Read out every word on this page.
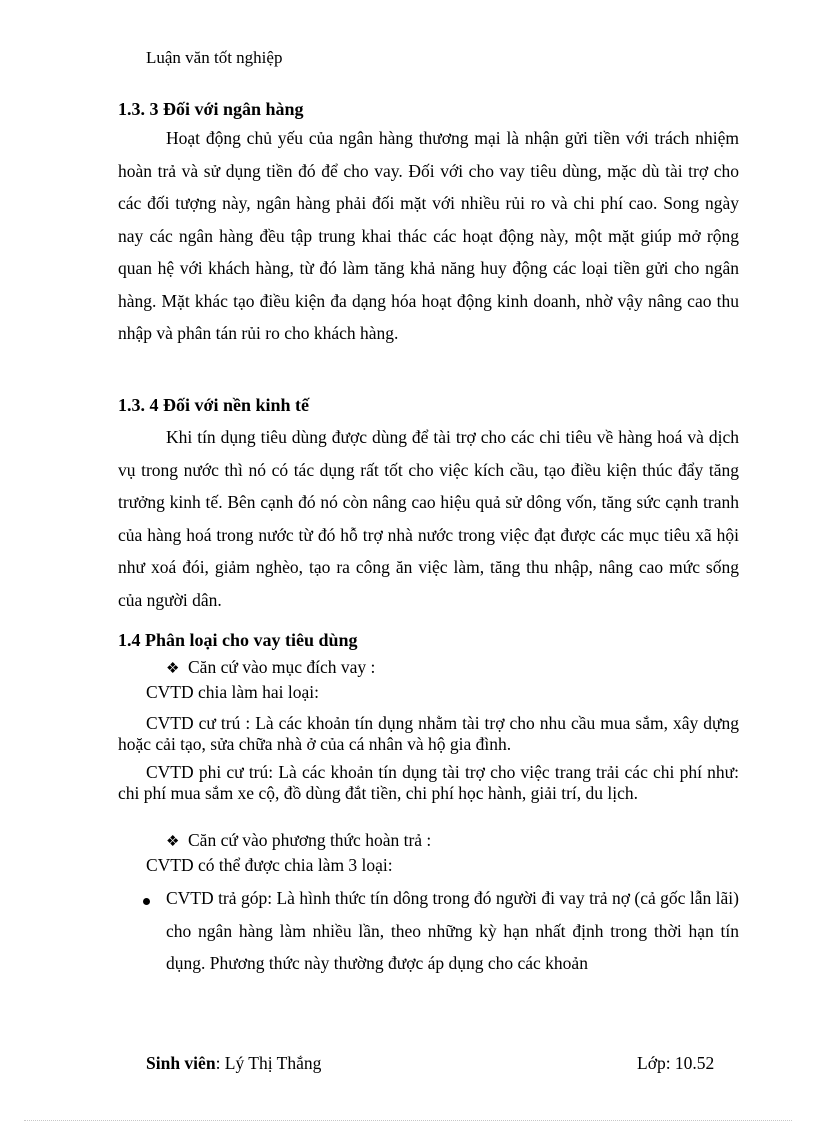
Luận văn tốt nghiệp
1.3. 3 Đối với ngân hàng
Hoạt động chủ yếu của ngân hàng thương mại là nhận gửi tiền với trách nhiệm hoàn trả và sử dụng tiền đó để cho vay. Đối với cho vay tiêu dùng, mặc dù tài trợ cho các đối tượng này, ngân hàng phải đối mặt với nhiều rủi ro và chi phí cao. Song ngày nay các ngân hàng đều tập trung khai thác các hoạt động này, một mặt giúp mở rộng quan hệ với khách hàng, từ đó làm tăng khả năng huy động các loại tiền gửi cho ngân hàng. Mặt khác tạo điều kiện đa dạng hóa hoạt động kinh doanh, nhờ vậy nâng cao thu nhập và phân tán rủi ro cho khách hàng.
1.3. 4 Đối với nền kinh tế
Khi tín dụng tiêu dùng được dùng để tài trợ cho các chi tiêu về hàng hoá và dịch vụ trong nước thì nó có tác dụng rất tốt cho việc kích cầu, tạo điều kiện thúc đẩy tăng trưởng kinh tế. Bên cạnh đó nó còn nâng cao hiệu quả sử dông vốn, tăng sức cạnh tranh của hàng hoá trong nước từ đó hỗ trợ nhà nước trong việc đạt được các mục tiêu xã hội như xoá đói, giảm nghèo, tạo ra công ăn việc làm, tăng thu nhập, nâng cao mức sống của người dân.
1.4 Phân loại cho vay tiêu dùng
❖ Căn cứ vào mục đích vay :
CVTD chia làm hai loại:
CVTD cư trú : Là các khoản tín dụng nhằm tài trợ cho nhu cầu mua sắm, xây dựng hoặc cải tạo, sửa chữa nhà ở của cá nhân và hộ gia đình.
CVTD phi cư trú: Là các khoản tín dụng tài trợ cho việc trang trải các chi phí như: chi phí mua sắm xe cộ, đồ dùng đắt tiền, chi phí học hành, giải trí, du lịch.
❖ Căn cứ vào phương thức hoàn trả :
CVTD có thể được chia làm 3 loại:
CVTD trả góp: Là hình thức tín dông trong đó người đi vay trả nợ (cả gốc lẫn lãi) cho ngân hàng làm nhiều lần, theo những kỳ hạn nhất định trong thời hạn tín dụng. Phương thức này thường được áp dụng cho các khoản
Sinh viên: Lý Thị Thắng	Lớp: 10.52
